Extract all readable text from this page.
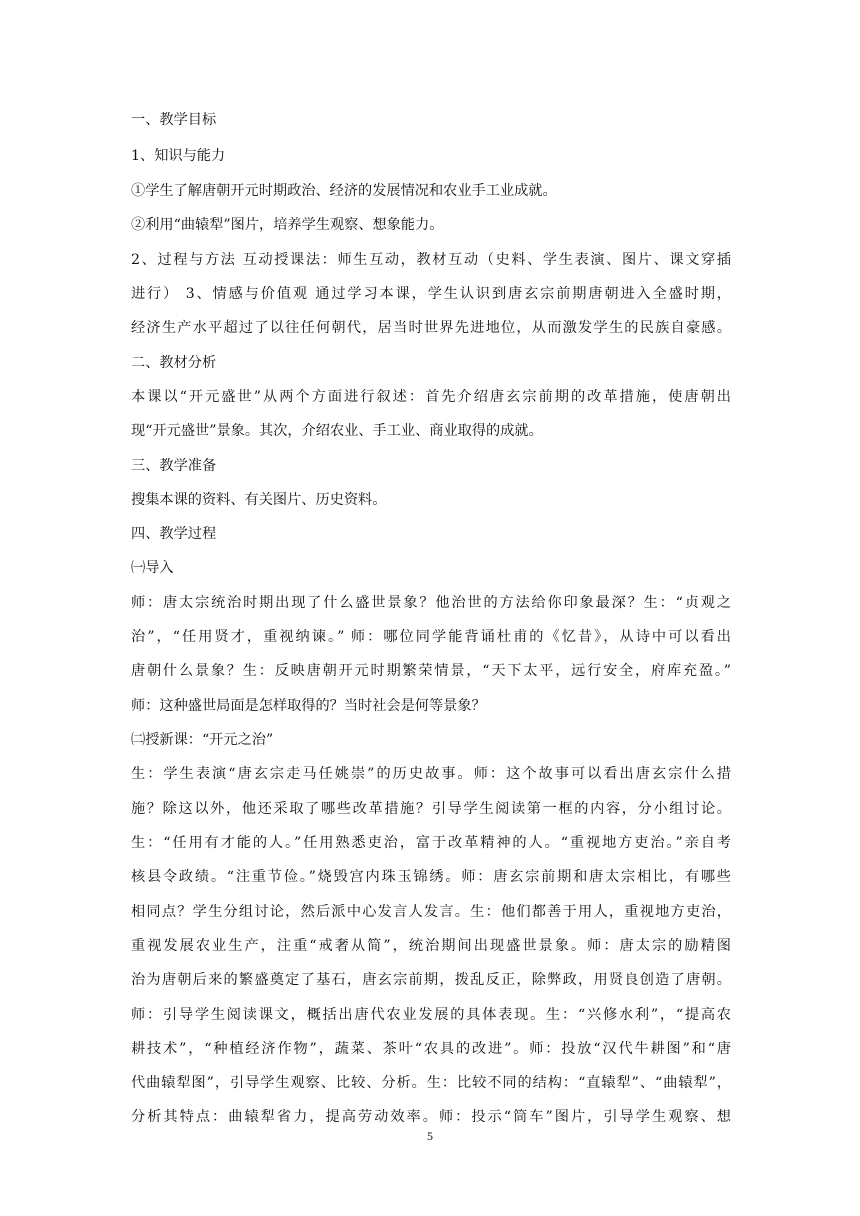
一、教学目标
1、知识与能力
①学生了解唐朝开元时期政治、经济的发展情况和农业手工业成就。
②利用“曲辕犁”图片，培养学生观察、想象能力。
2、过程与方法 互动授课法：师生互动，教材互动（史料、学生表演、图片、课文穿插
进行） 3、情感与价值观 通过学习本课，学生认识到唐玄宗前期唐朝进入全盛时期，
经济生产水平超过了以往任何朝代，居当时世界先进地位，从而激发学生的民族自豪感。
二、教材分析
本课以“开元盛世”从两个方面进行叙述：首先介绍唐玄宗前期的改革措施，使唐朝出
现“开元盛世”景象。其次，介绍农业、手工业、商业取得的成就。
三、教学准备
搜集本课的资料、有关图片、历史资料。
四、教学过程
㈠导入
师：唐太宗统治时期出现了什么盛世景象？他治世的方法给你印象最深？生：“贞观之
治”，“任用贤才，重视纳谏。” 师：哪位同学能背诵杜甫的《忆昔》，从诗中可以看出
唐朝什么景象？生：反映唐朝开元时期繁荣情景，“天下太平，远行安全，府库充盈。”
师：这种盛世局面是怎样取得的？当时社会是何等景象？
㈡授新课：“开元之治”
生：学生表演“唐玄宗走马任姚崇”的历史故事。师：这个故事可以看出唐玄宗什么措
施？除这以外，他还采取了哪些改革措施？引导学生阅读第一框的内容，分小组讨论。
生：“任用有才能的人。”任用熟悉吏治，富于改革精神的人。“重视地方吏治。”亲自考
核县令政绩。“注重节俭。”烧毁宫内珠玉锦绣。师：唐玄宗前期和唐太宗相比，有哪些
相同点？学生分组讨论，然后派中心发言人发言。生：他们都善于用人，重视地方吏治，
重视发展农业生产，注重“戒奢从简”，统治期间出现盛世景象。师：唐太宗的励精图
治为唐朝后来的繁盛奠定了基石，唐玄宗前期，拨乱反正，除弊政，用贤良创造了唐朝。
师：引导学生阅读课文，概括出唐代农业发展的具体表现。生：“兴修水利”，“提高农
耕技术”，“种植经济作物”，蔬菜、茶叶“农具的改进”。师：投放“汉代牛耕图”和“唐
代曲辕犁图”，引导学生观察、比较、分析。生：比较不同的结构：“直辕犁”、“曲辕犁”，
分析其特点：曲辕犁省力，提高劳动效率。师：投示“筒车”图片，引导学生观察、想
5
